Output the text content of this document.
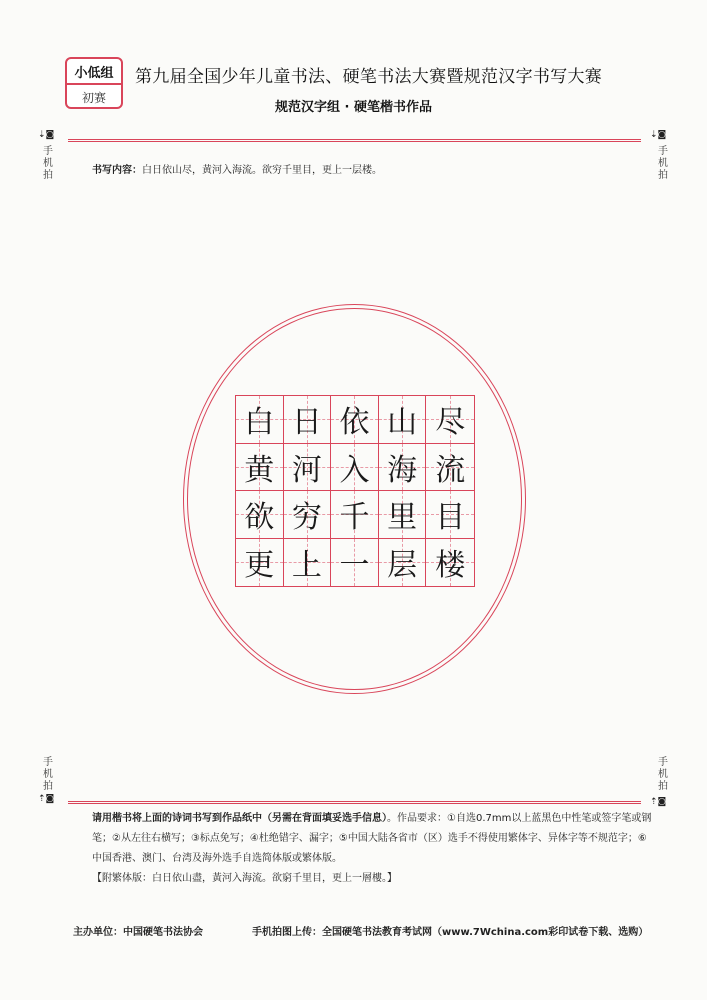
小低组
初赛
第九届全国少年儿童书法、硬笔书法大赛暨规范汉字书写大赛
规范汉字组 · 硬笔楷书作品
⇣◙	⇣◙
手机拍
手机拍
书写内容：白日依山尽，黄河入海流。欲穷千里目，更上一层楼。
白 日 依 山 尽
黄 河 入 海 流
欲 穷 千 里 目
更 上 一 层 楼
手机拍
手机拍
⇡◙	⇡◙
请用楷书将上面的诗词书写到作品纸中（另需在背面填妥选手信息）。作品要求：①自选0.7mm以上蓝黑色中性笔或签字笔或钢笔；②从左往右横写；③标点免写；④杜绝错字、漏字；⑤中国大陆各省市（区）选手不得使用繁体字、异体字等不规范字；⑥中国香港、澳门、台湾及海外选手自选简体版或繁体版。
【附繁体版：白日依山盡，黃河入海流。欲窮千里目，更上一層樓。】
主办单位：中国硬笔书法协会	手机拍图上传：全国硬笔书法教育考试网（www.7Wchina.com彩印试卷下载、选购）
